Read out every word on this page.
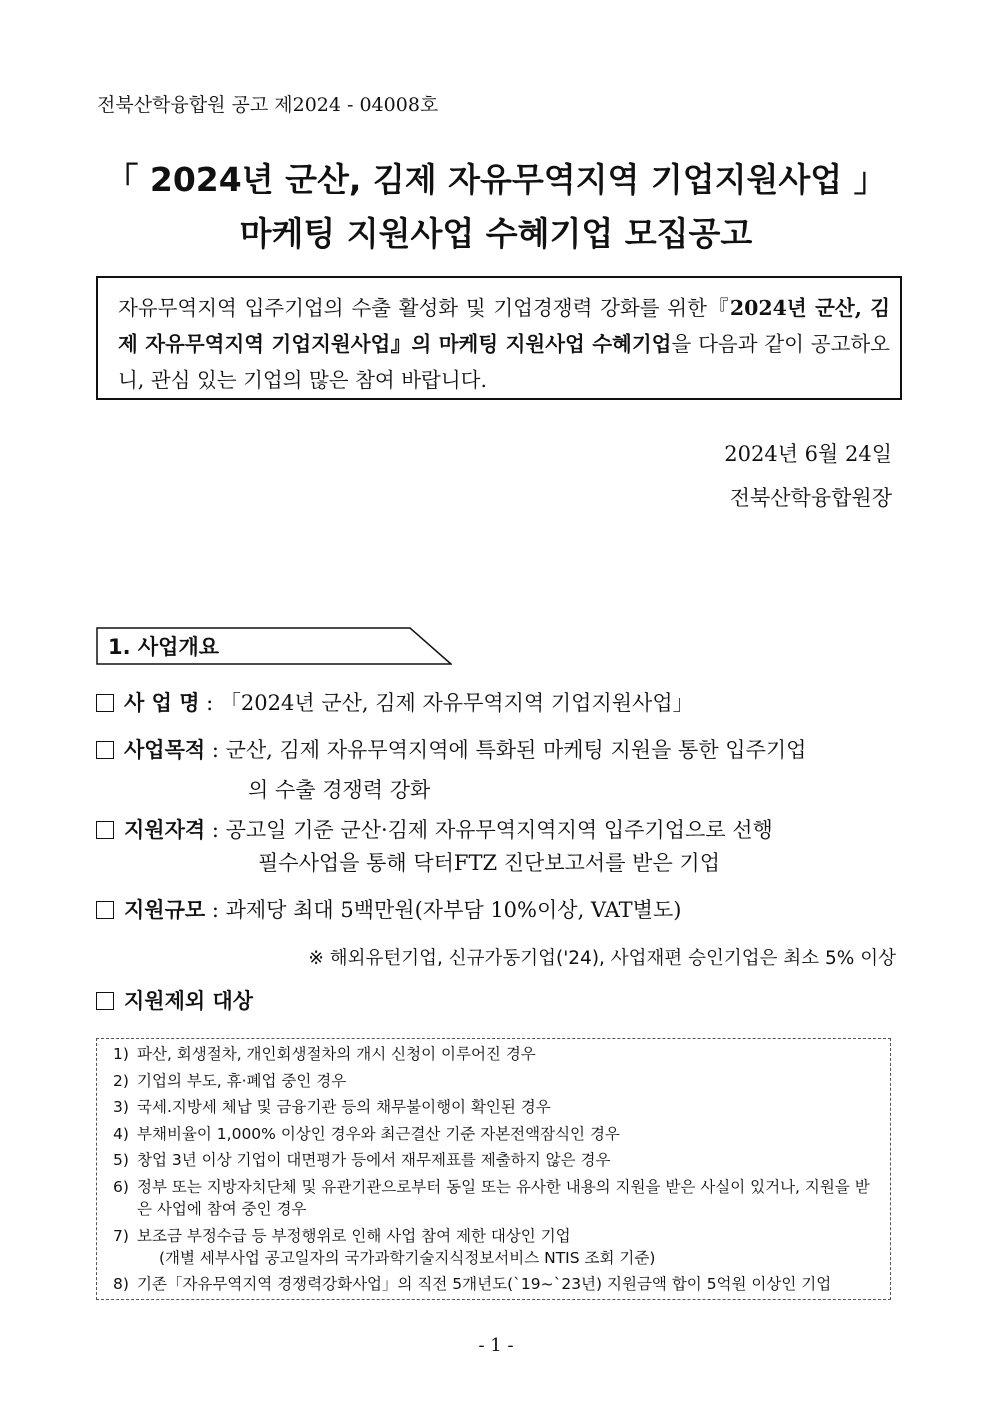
전북산학융합원 공고 제2024 - 04008호
「 2024년 군산, 김제 자유무역지역 기업지원사업 」
마케팅 지원사업 수혜기업 모집공고
자유무역지역 입주기업의 수출 활성화 및 기업경쟁력 강화를 위한『2024년 군산, 김제 자유무역지역 기업지원사업』의 마케팅 지원사업 수혜기업을 다음과 같이 공고하오니, 관심 있는 기업의 많은 참여 바랍니다.
2024년 6월 24일
전북산학융합원장
1. 사업개요
사 업 명 : 「2024년 군산, 김제 자유무역지역 기업지원사업」
사업목적 : 군산, 김제 자유무역지역에 특화된 마케팅 지원을 통한 입주기업
의 수출 경쟁력 강화
지원자격 : 공고일 기준 군산·김제 자유무역지역지역 입주기업으로 선행
필수사업을 통해 닥터FTZ 진단보고서를 받은 기업
지원규모 : 과제당 최대 5백만원(자부담 10%이상, VAT별도)
※ 해외유턴기업, 신규가동기업('24), 사업재편 승인기업은 최소 5% 이상
지원제외 대상
1) 파산, 회생절차, 개인회생절차의 개시 신청이 이루어진 경우
2) 기업의 부도, 휴·폐업 중인 경우
3) 국세.지방세 체납 및 금융기관 등의 채무불이행이 확인된 경우
4) 부채비율이 1,000% 이상인 경우와 최근결산 기준 자본전액잠식인 경우
5) 창업 3년 이상 기업이 대면평가 등에서 재무제표를 제출하지 않은 경우
6) 정부 또는 지방자치단체 및 유관기관으로부터 동일 또는 유사한 내용의 지원을 받은 사실이 있거나, 지원을 받은 사업에 참여 중인 경우
7) 보조금 부정수급 등 부정행위로 인해 사업 참여 제한 대상인 기업
(개별 세부사업 공고일자의 국가과학기술지식정보서비스 NTIS 조회 기준)
8) 기존「자유무역지역 경쟁력강화사업」의 직전 5개년도(`19~`23년) 지원금액 합이 5억원 이상인 기업
- 1 -
